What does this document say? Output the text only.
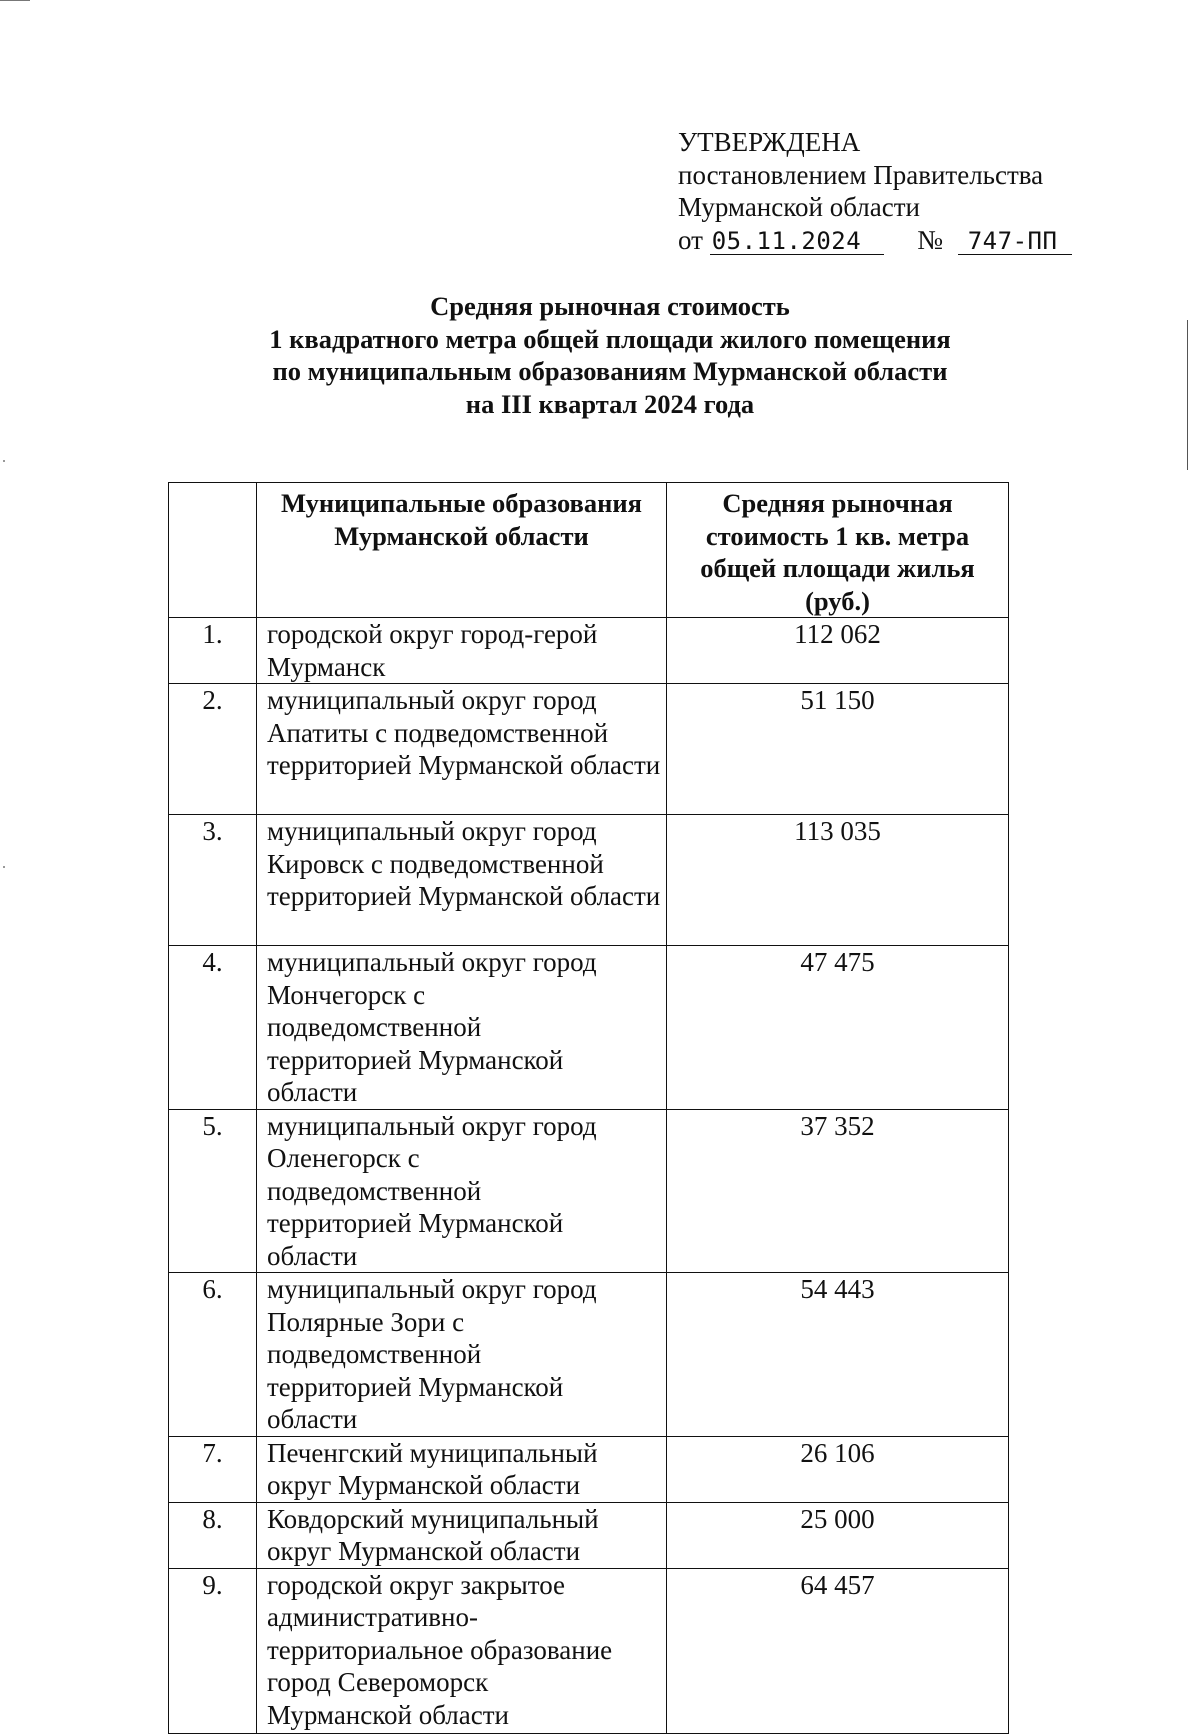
УТВЕРЖДЕНА
постановлением Правительства
Мурманской области
от 05.11.2024 № 747-ПП
Средняя рыночная стоимость
1 квадратного метра общей площади жилого помещения
по муниципальным образованиям Мурманской области
на III квартал 2024 года

	Муниципальные образования Мурманской области	Средняя рыночная стоимость 1 кв. метра общей площади жилья (руб.)

1.	городской округ город-герой Мурманск	112 062
2.	муниципальный округ город Апатиты с подведомственной территорией Мурманской области	51 150
3.	муниципальный округ город Кировск с подведомственной территорией Мурманской области	113 035
4.	муниципальный округ город Мончегорск с подведомственной территорией Мурманской области	47 475
5.	муниципальный округ город Оленегорск с подведомственной территорией Мурманской области	37 352
6.	муниципальный округ город Полярные Зори с подведомственной территорией Мурманской области	54 443
7.	Печенгский муниципальный округ Мурманской области	26 106
8.	Ковдорский муниципальный округ Мурманской области	25 000
9.	городской округ закрытое административно-территориальное образование город Североморск Мурманской области	64 457
